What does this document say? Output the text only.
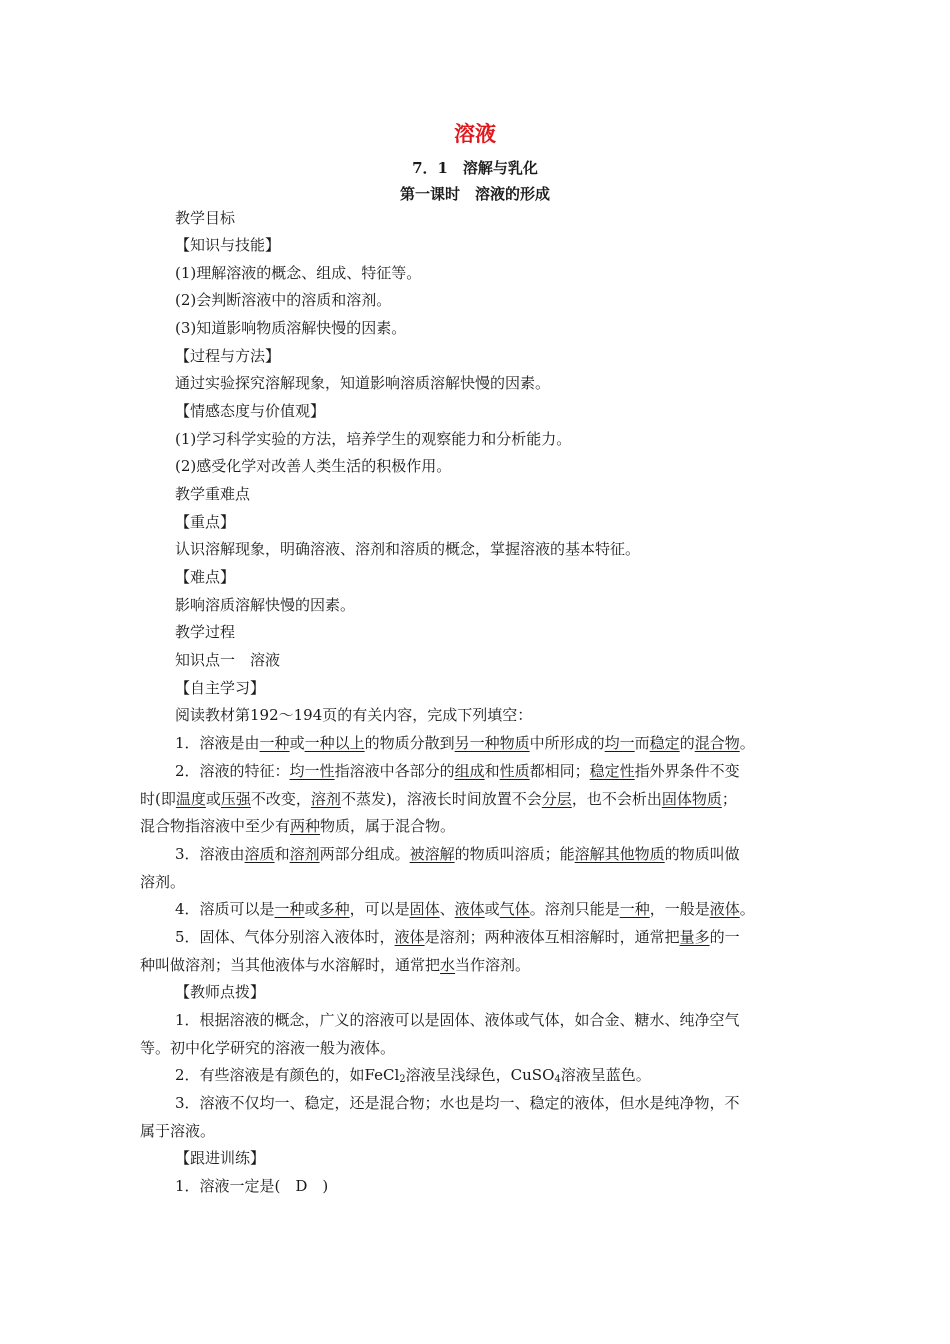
溶液
7．1　溶解与乳化
第一课时　溶液的形成
教学目标
【知识与技能】
(1)理解溶液的概念、组成、特征等。
(2)会判断溶液中的溶质和溶剂。
(3)知道影响物质溶解快慢的因素。
【过程与方法】
通过实验探究溶解现象，知道影响溶质溶解快慢的因素。
【情感态度与价值观】
(1)学习科学实验的方法，培养学生的观察能力和分析能力。
(2)感受化学对改善人类生活的积极作用。
教学重难点
【重点】
认识溶解现象，明确溶液、溶剂和溶质的概念，掌握溶液的基本特征。
【难点】
影响溶质溶解快慢的因素。
教学过程
知识点一　溶液
【自主学习】
阅读教材第192～194页的有关内容，完成下列填空：
1．溶液是由一种或一种以上的物质分散到另一种物质中所形成的均一而稳定的混合物。
2．溶液的特征：均一性指溶液中各部分的组成和性质都相同；稳定性指外界条件不变
时(即温度或压强不改变，溶剂不蒸发)，溶液长时间放置不会分层，也不会析出固体物质；
混合物指溶液中至少有两种物质，属于混合物。
3．溶液由溶质和溶剂两部分组成。被溶解的物质叫溶质；能溶解其他物质的物质叫做
溶剂。
4．溶质可以是一种或多种，可以是固体、液体或气体。溶剂只能是一种，一般是液体。
5．固体、气体分别溶入液体时，液体是溶剂；两种液体互相溶解时，通常把量多的一
种叫做溶剂；当其他液体与水溶解时，通常把水当作溶剂。
【教师点拨】
1．根据溶液的概念，广义的溶液可以是固体、液体或气体，如合金、糖水、纯净空气
等。初中化学研究的溶液一般为液体。
2．有些溶液是有颜色的，如FeCl$_2$溶液呈浅绿色，CuSO$_4$溶液呈蓝色。
3．溶液不仅均一、稳定，还是混合物；水也是均一、稳定的液体，但水是纯净物，不
属于溶液。
【跟进训练】
1．溶液一定是(　D　)
